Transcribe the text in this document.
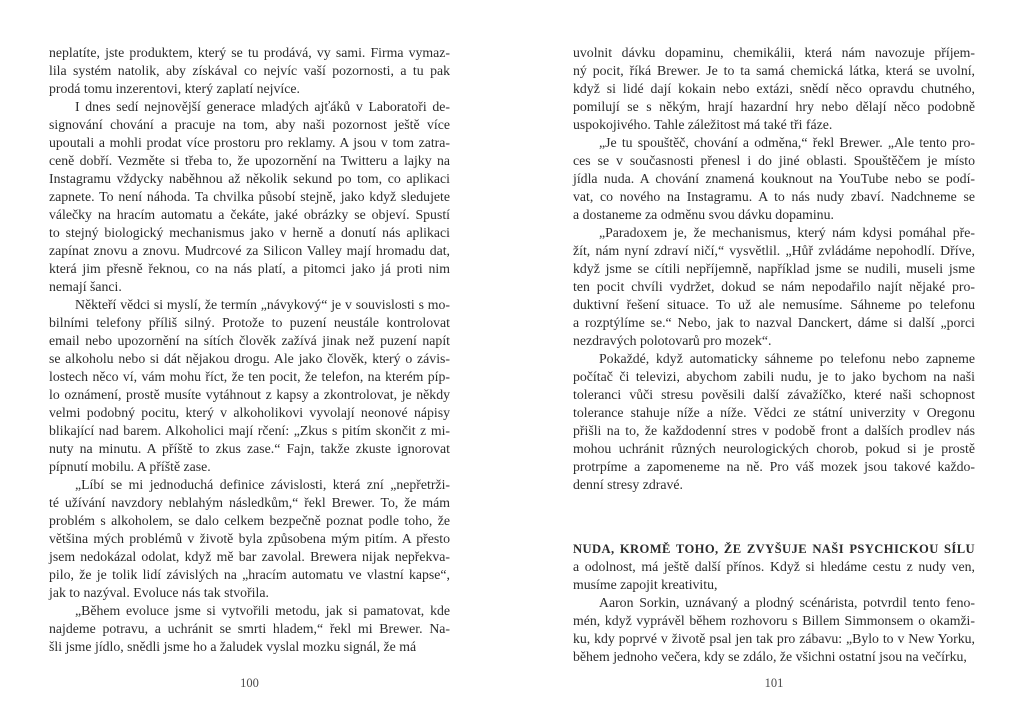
neplatíte, jste produktem, který se tu prodává, vy sami. Firma vymaz-
lila systém natolik, aby získával co nejvíc vaší pozornosti, a tu pak
prodá tomu inzerentovi, který zaplatí nejvíce.

I dnes sedí nejnovější generace mladých ajťáků v Laboratoři de-
signování chování a pracuje na tom, aby naši pozornost ještě více
upoutali a mohli prodat více prostoru pro reklamy. A jsou v tom zatra-
ceně dobří. Vezměte si třeba to, že upozornění na Twitteru a lajky na
Instagramu vždycky naběhnou až několik sekund po tom, co aplikaci
zapnete. To není náhoda. Ta chvilka působí stejně, jako když sledujete
válečky na hracím automatu a čekáte, jaké obrázky se objeví. Spustí
to stejný biologický mechanismus jako v herně a donutí nás aplikaci
zapínat znovu a znovu. Mudrcové za Silicon Valley mají hromadu dat,
která jim přesně řeknou, co na nás platí, a pitomci jako já proti nim
nemají šanci.

Někteří vědci si myslí, že termín „návykový“ je v souvislosti s mo-
bilními telefony příliš silný. Protože to puzení neustále kontrolovat
email nebo upozornění na sítích člověk zažívá jinak než puzení napít
se alkoholu nebo si dát nějakou drogu. Ale jako člověk, který o závis-
lostech něco ví, vám mohu říct, že ten pocit, že telefon, na kterém píp-
lo oznámení, prostě musíte vytáhnout z kapsy a zkontrolovat, je někdy
velmi podobný pocitu, který v alkoholikovi vyvolají neonové nápisy
blikající nad barem. Alkoholici mají rčení: „Zkus s pitím skončit z mi-
nuty na minutu. A příště to zkus zase.“ Fajn, takže zkuste ignorovat
pípnutí mobilu. A příště zase.

„Líbí se mi jednoduchá definice závislosti, která zní „nepřetrži-
té užívání navzdory neblahým následkům,“ řekl Brewer. To, že mám
problém s alkoholem, se dalo celkem bezpečně poznat podle toho, že
většina mých problémů v životě byla způsobena mým pitím. A přesto
jsem nedokázal odolat, když mě bar zavolal. Brewera nijak nepřekva-
pilo, že je tolik lidí závislých na „hracím automatu ve vlastní kapse“,
jak to nazýval. Evoluce nás tak stvořila.

„Během evoluce jsme si vytvořili metodu, jak si pamatovat, kde
najdeme potravu, a uchránit se smrti hladem,“ řekl mi Brewer. Na-
šli jsme jídlo, snědli jsme ho a žaludek vyslal mozku signál, že má

100

uvolnit dávku dopaminu, chemikálii, která nám navozuje příjem-
ný pocit, říká Brewer. Je to ta samá chemická látka, která se uvolní,
když si lidé dají kokain nebo extázi, snědí něco opravdu chutného,
pomilují se s někým, hrají hazardní hry nebo dělají něco podobně
uspokojivého. Tahle záležitost má také tři fáze.

„Je tu spouštěč, chování a odměna,“ řekl Brewer. „Ale tento pro-
ces se v současnosti přenesl i do jiné oblasti. Spouštěčem je místo
jídla nuda. A chování znamená kouknout na YouTube nebo se podí-
vat, co nového na Instagramu. A to nás nudy zbaví. Nadchneme se
a dostaneme za odměnu svou dávku dopaminu.

„Paradoxem je, že mechanismus, který nám kdysi pomáhal pře-
žít, nám nyní zdraví ničí,“ vysvětlil. „Hůř zvládáme nepohodlí. Dříve,
když jsme se cítili nepříjemně, například jsme se nudili, museli jsme
ten pocit chvíli vydržet, dokud se nám nepodařilo najít nějaké pro-
duktivní řešení situace. To už ale nemusíme. Sáhneme po telefonu
a rozptýlíme se.“ Nebo, jak to nazval Danckert, dáme si další „porci
nezdravých polotovarů pro mozek“.

Pokaždé, když automaticky sáhneme po telefonu nebo zapneme
počítač či televizi, abychom zabili nudu, je to jako bychom na naši
toleranci vůči stresu pověsili další závažíčko, které naši schopnost
tolerance stahuje níže a níže. Vědci ze státní univerzity v Oregonu
přišli na to, že každodenní stres v podobě front a dalších prodlev nás
mohou uchránit různých neurologických chorob, pokud si je prostě
protrpíme a zapomeneme na ně. Pro váš mozek jsou takové každo-
denní stresy zdravé.

NUDA, KROMĚ TOHO, ŽE ZVYŠUJE NAŠI PSYCHICKOU SÍLU
a odolnost, má ještě další přínos. Když si hledáme cestu z nudy ven,
musíme zapojit kreativitu,

Aaron Sorkin, uznávaný a plodný scénárista, potvrdil tento feno-
mén, když vyprávěl během rozhovoru s Billem Simmonsem o okamži-
ku, kdy poprvé v životě psal jen tak pro zábavu: „Bylo to v New Yorku,
během jednoho večera, kdy se zdálo, že všichni ostatní jsou na večírku,

101
